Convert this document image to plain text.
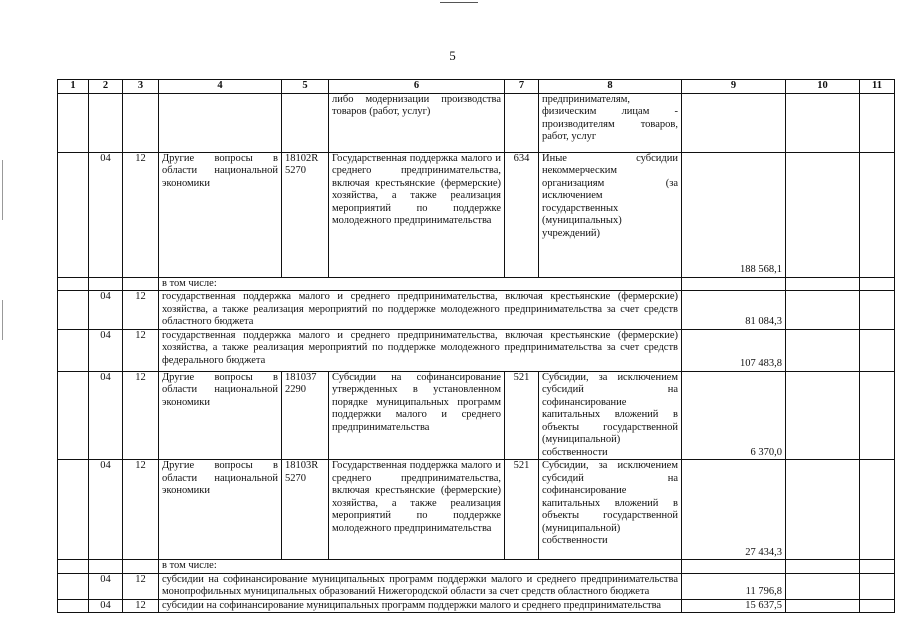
5
1	2	3	4	5	6	7	8	9	10	11
					либо модернизации производства товаров (работ, услуг)		предпринимателям, физическим лицам - производителям товаров, работ, услуг			
	04	12	Другие вопросы в области национальной экономики	18102R 5270	Государственная поддержка малого и среднего предпринимательства, включая крестьянские (фермерские) хозяйства, а также реализация мероприятий по поддержке молодежного предпринимательства	634	Иные субсидии некоммерческим организациям (за исключением государственных (муниципальных) учреждений)	188 568,1		
			в том числе:							
	04	12	государственная поддержка малого и среднего предпринимательства, включая крестьянские (фермерские) хозяйства, а также реализация мероприятий по поддержке молодежного предпринимательства за счет средств областного бюджета					81 084,3		
	04	12	государственная поддержка малого и среднего предпринимательства, включая крестьянские (фермерские) хозяйства, а также реализация мероприятий по поддержке молодежного предпринимательства за счет средств федерального бюджета					107 483,8		
	04	12	Другие вопросы в области национальной экономики	181037 2290	Субсидии на софинансирование утвержденных в установленном порядке муниципальных программ поддержки малого и среднего предпринимательства	521	Субсидии, за исключением субсидий на софинансирование капитальных вложений в объекты государственной (муниципальной) собственности	6 370,0		
	04	12	Другие вопросы в области национальной экономики	18103R 5270	Государственная поддержка малого и среднего предпринимательства, включая крестьянские (фермерские) хозяйства, а также реализация мероприятий по поддержке молодежного предпринимательства	521	Субсидии, за исключением субсидий на софинансирование капитальных вложений в объекты государственной (муниципальной) собственности	27 434,3		
			в том числе:							
	04	12	субсидии на софинансирование муниципальных программ поддержки малого и среднего предпринимательства монопрофильных муниципальных образований Нижегородской области за счет средств областного бюджета					11 796,8		
	04	12	субсидии на софинансирование муниципальных программ поддержки малого и среднего предпринимательства					15 637,5		
